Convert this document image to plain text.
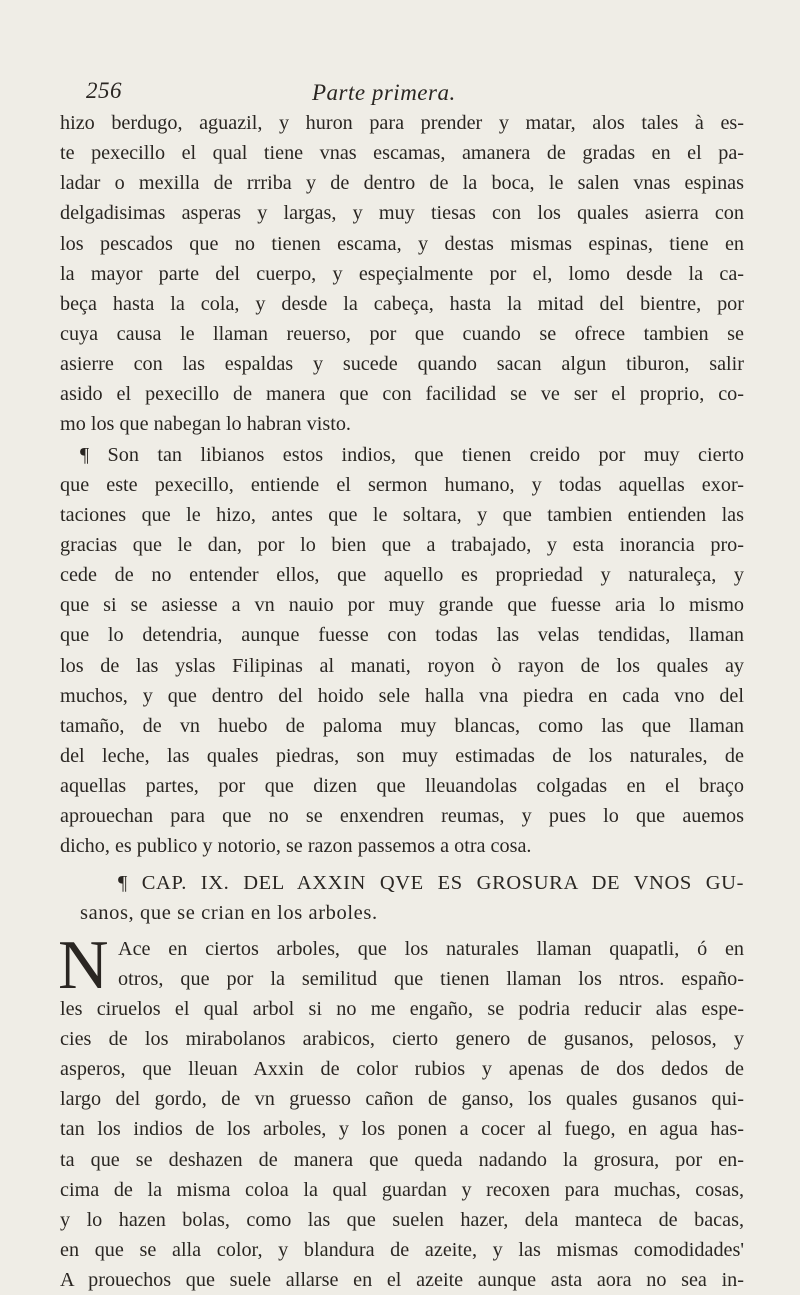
256	Parte primera.
hizo berdugo, aguazil, y huron para prender y matar, alos tales à es-
te pexecillo el qual tiene vnas escamas, amanera de gradas en el pa-
ladar o mexilla de rrriba y de dentro de la boca, le salen vnas espinas
delgadisimas asperas y largas, y muy tiesas con los quales asierra con
los pescados que no tienen escama, y destas mismas espinas, tiene en
la mayor parte del cuerpo, y espeçialmente por el, lomo desde la ca-
beça hasta la cola, y desde la cabeça, hasta la mitad del bientre, por
cuya causa le llaman reuerso, por que cuando se ofrece tambien se
asierre con las espaldas y sucede quando sacan algun tiburon, salir
asido el pexecillo de manera que con facilidad se ve ser el proprio, co-
mo los que nabegan lo habran visto.
¶ Son tan libianos estos indios, que tienen creido por muy cierto
que este pexecillo, entiende el sermon humano, y todas aquellas exor-
taciones que le hizo, antes que le soltara, y que tambien entienden las
gracias que le dan, por lo bien que a trabajado, y esta inorancia pro-
cede de no entender ellos, que aquello es propriedad y naturaleça, y
que si se asiesse a vn nauio por muy grande que fuesse aria lo mismo
que lo detendria, aunque fuesse con todas las velas tendidas, llaman
los de las yslas Filipinas al manati, royon ò rayon de los quales ay
muchos, y que dentro del hoido sele halla vna piedra en cada vno del
tamaño, de vn huebo de paloma muy blancas, como las que llaman
del leche, las quales piedras, son muy estimadas de los naturales, de
aquellas partes, por que dizen que lleuandolas colgadas en el braço
aprouechan para que no se enxendren reumas, y pues lo que auemos
dicho, es publico y notorio, se razon passemos a otra cosa.
¶ CAP. IX. DEL AXXIN QVE ES GROSURA DE VNOS GU-
sanos, que se crian en los arboles.
N Ace en ciertos arboles, que los naturales llaman quapatli, ó en
otros, que por la semilitud que tienen llaman los ntros. españo-
les ciruelos el qual arbol si no me engaño, se podria reducir alas espe-
cies de los mirabolanos arabicos, cierto genero de gusanos, pelosos, y
asperos, que lleuan Axxin de color rubios y apenas de dos dedos de
largo del gordo, de vn gruesso cañon de ganso, los quales gusanos qui-
tan los indios de los arboles, y los ponen a cocer al fuego, en agua has-
ta que se deshazen de manera que queda nadando la grosura, por en-
cima de la misma coloa la qual guardan y recoxen para muchas, cosas,
y lo hazen bolas, como las que suelen hazer, dela manteca de bacas,
en que se alla color, y blandura de azeite, y las mismas comodidades'
A prouechos que suele allarse en el azeite aunque asta aora no sea in-
